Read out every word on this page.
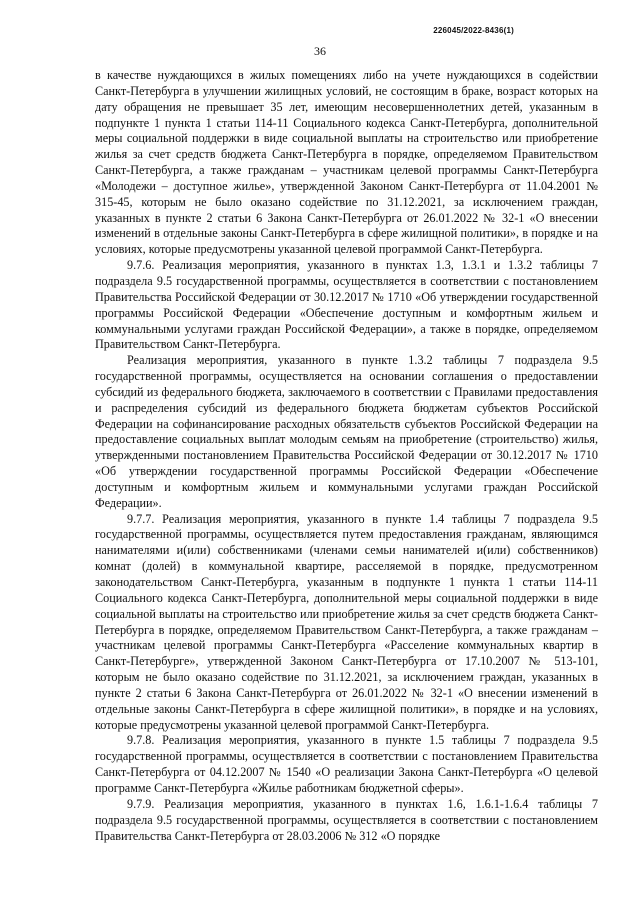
226045/2022-8436(1)
36

в качестве нуждающихся в жилых помещениях либо на учете нуждающихся в содействии Санкт-Петербурга в улучшении жилищных условий, не состоящим в браке, возраст которых на дату обращения не превышает 35 лет, имеющим несовершеннолетних детей, указанным в подпункте 1 пункта 1 статьи 114-11 Социального кодекса Санкт-Петербурга, дополнительной меры социальной поддержки в виде социальной выплаты на строительство или приобретение жилья за счет средств бюджета Санкт-Петербурга в порядке, определяемом Правительством Санкт-Петербурга, а также гражданам – участникам целевой программы Санкт-Петербурга «Молодежи – доступное жилье», утвержденной Законом Санкт-Петербурга от 11.04.2001 № 315-45, которым не было оказано содействие по 31.12.2021, за исключением граждан, указанных в пункте 2 статьи 6 Закона Санкт-Петербурга от 26.01.2022 № 32-1 «О внесении изменений в отдельные законы Санкт-Петербурга в сфере жилищной политики», в порядке и на условиях, которые предусмотрены указанной целевой программой Санкт-Петербурга.

9.7.6. Реализация мероприятия, указанного в пунктах 1.3, 1.3.1 и 1.3.2 таблицы 7 подраздела 9.5 государственной программы, осуществляется в соответствии с постановлением Правительства Российской Федерации от 30.12.2017 № 1710 «Об утверждении государственной программы Российской Федерации «Обеспечение доступным и комфортным жильем и коммунальными услугами граждан Российской Федерации», а также в порядке, определяемом Правительством Санкт-Петербурга.

Реализация мероприятия, указанного в пункте 1.3.2 таблицы 7 подраздела 9.5 государственной программы, осуществляется на основании соглашения о предоставлении субсидий из федерального бюджета, заключаемого в соответствии с Правилами предоставления и распределения субсидий из федерального бюджета бюджетам субъектов Российской Федерации на софинансирование расходных обязательств субъектов Российской Федерации на предоставление социальных выплат молодым семьям на приобретение (строительство) жилья, утвержденными постановлением Правительства Российской Федерации от 30.12.2017 № 1710 «Об утверждении государственной программы Российской Федерации «Обеспечение доступным и комфортным жильем и коммунальными услугами граждан Российской Федерации».

9.7.7. Реализация мероприятия, указанного в пункте 1.4 таблицы 7 подраздела 9.5 государственной программы, осуществляется путем предоставления гражданам, являющимся нанимателями и(или) собственниками (членами семьи нанимателей и(или) собственников) комнат (долей) в коммунальной квартире, расселяемой в порядке, предусмотренном законодательством Санкт-Петербурга, указанным в подпункте 1 пункта 1 статьи 114-11 Социального кодекса Санкт-Петербурга, дополнительной меры социальной поддержки в виде социальной выплаты на строительство или приобретение жилья за счет средств бюджета Санкт-Петербурга в порядке, определяемом Правительством Санкт-Петербурга, а также гражданам – участникам целевой программы Санкт-Петербурга «Расселение коммунальных квартир в Санкт-Петербурге», утвержденной Законом Санкт-Петербурга от 17.10.2007 № 513-101, которым не было оказано содействие по 31.12.2021, за исключением граждан, указанных в пункте 2 статьи 6 Закона Санкт-Петербурга от 26.01.2022 № 32-1 «О внесении изменений в отдельные законы Санкт-Петербурга в сфере жилищной политики», в порядке и на условиях, которые предусмотрены указанной целевой программой Санкт-Петербурга.

9.7.8. Реализация мероприятия, указанного в пункте 1.5 таблицы 7 подраздела 9.5 государственной программы, осуществляется в соответствии с постановлением Правительства Санкт-Петербурга от 04.12.2007 № 1540 «О реализации Закона Санкт-Петербурга «О целевой программе Санкт-Петербурга «Жилье работникам бюджетной сферы».

9.7.9. Реализация мероприятия, указанного в пунктах 1.6, 1.6.1-1.6.4 таблицы 7 подраздела 9.5 государственной программы, осуществляется в соответствии с постановлением Правительства Санкт-Петербурга от 28.03.2006 № 312 «О порядке
